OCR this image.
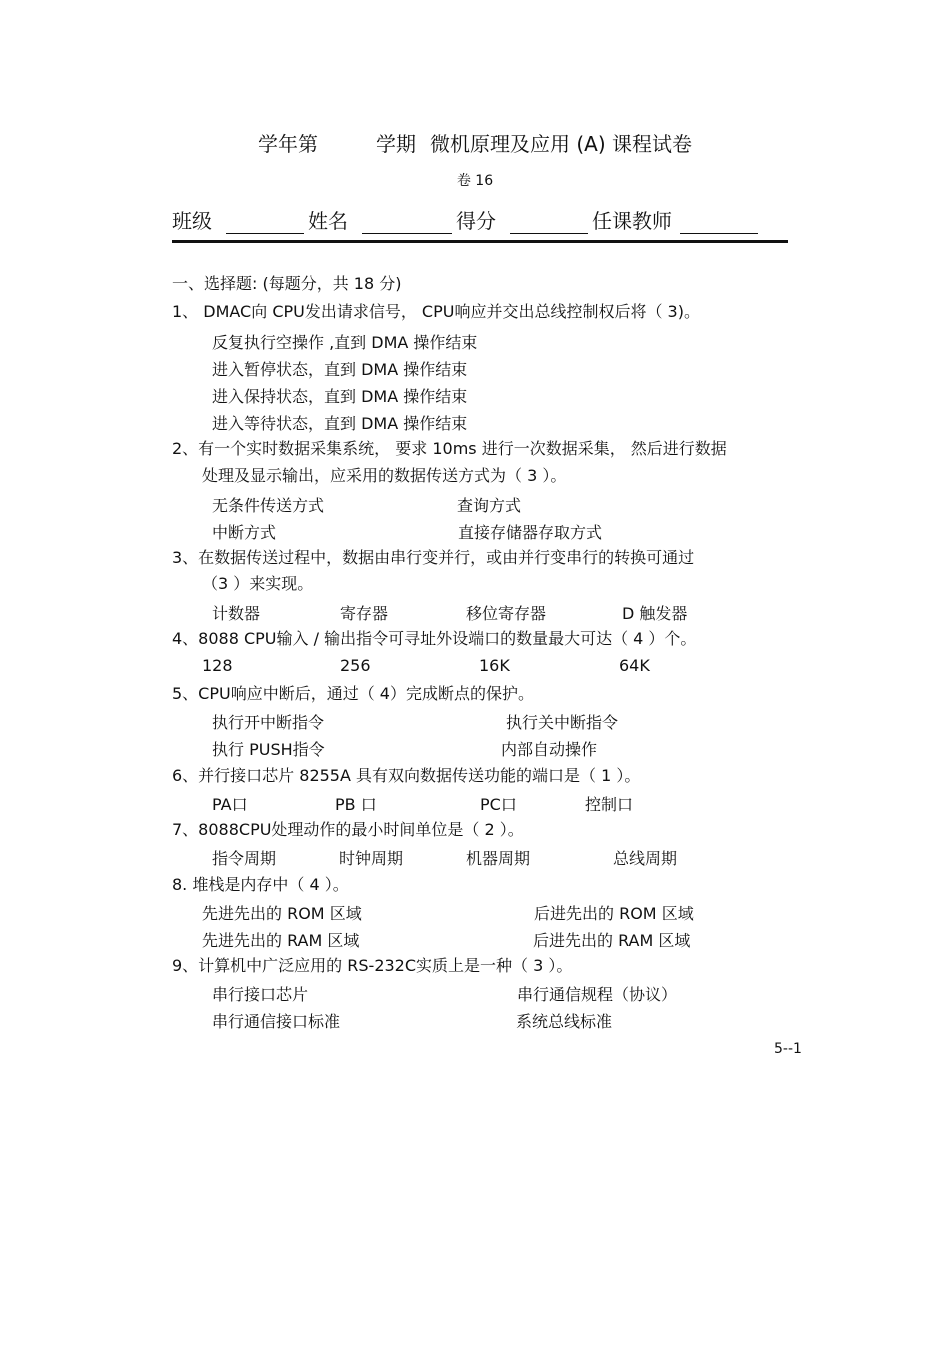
学年第	学期 微机原理及应用 (A) 课程试卷
卷 16
班级	姓名	得分	任课教师
一、选择题: (每题分，共 18 分)
1、 DMAC向 CPU发出请求信号， CPU响应并交出总线控制权后将（ 3)。
反复执行空操作 ,直到 DMA 操作结束
进入暂停状态，直到 DMA 操作结束
进入保持状态，直到 DMA 操作结束
进入等待状态，直到 DMA 操作结束
2、有一个实时数据采集系统， 要求 10ms 进行一次数据采集， 然后进行数据
处理及显示输出，应采用的数据传送方式为（ 3 ）。
无条件传送方式	查询方式
中断方式	直接存储器存取方式
3、在数据传送过程中，数据由串行变并行，或由并行变串行的转换可通过
（3 ）来实现。
计数器	寄存器	移位寄存器	D 触发器
4、8088 CPU输入 / 输出指令可寻址外设端口的数量最大可达（ 4 ）个。
128	256	16K	64K
5、CPU响应中断后，通过（ 4）完成断点的保护。
执行开中断指令	执行关中断指令
执行 PUSH指令	内部自动操作
6、并行接口芯片 8255A 具有双向数据传送功能的端口是（ 1 ）。
PA口	PB 口	PC口	控制口
7、8088CPU处理动作的最小时间单位是（ 2 ）。
指令周期	时钟周期	机器周期	总线周期
8. 堆栈是内存中（ 4 ）。
先进先出的 ROM 区域	后进先出的 ROM 区域
先进先出的 RAM 区域	后进先出的 RAM 区域
9、计算机中广泛应用的 RS-232C实质上是一种（ 3 ）。
串行接口芯片	串行通信规程（协议）
串行通信接口标准	系统总线标准
5--1
